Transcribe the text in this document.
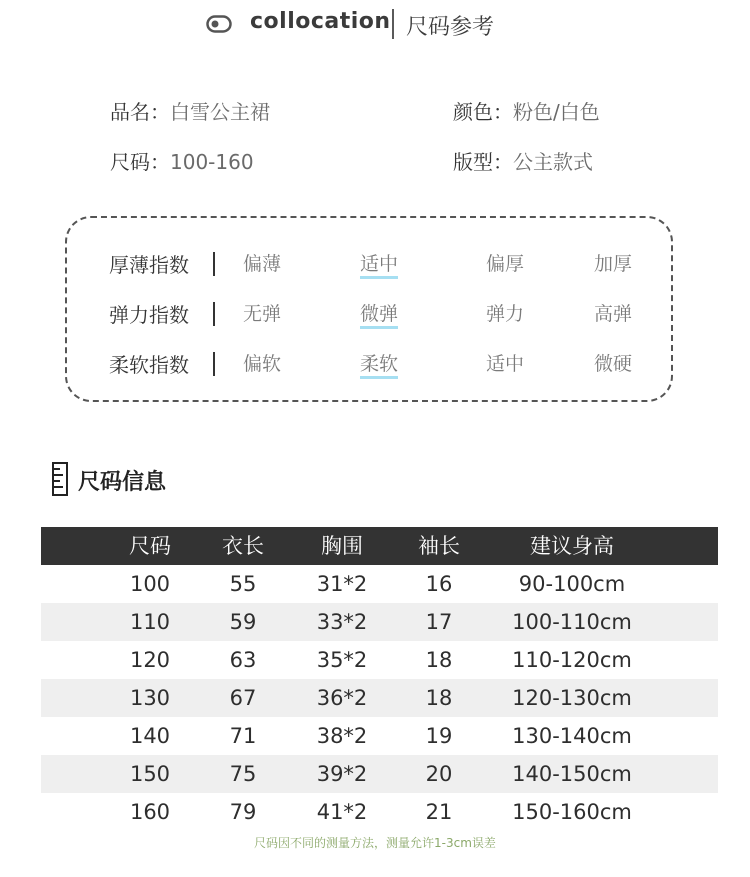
collocation 尺码参考
品名：白雪公主裙	颜色：粉色/白色
尺码：100-160	版型：公主款式
厚薄指数	偏薄	适中	偏厚	加厚
弹力指数	无弹	微弹	弹力	高弹
柔软指数	偏软	柔软	适中	微硬
尺码信息
尺码	衣长	胸围	袖长	建议身高
100	55	31*2	16	90-100cm
110	59	33*2	17	100-110cm
120	63	35*2	18	110-120cm
130	67	36*2	18	120-130cm
140	71	38*2	19	130-140cm
150	75	39*2	20	140-150cm
160	79	41*2	21	150-160cm
尺码因不同的测量方法，测量允许1-3cm误差
